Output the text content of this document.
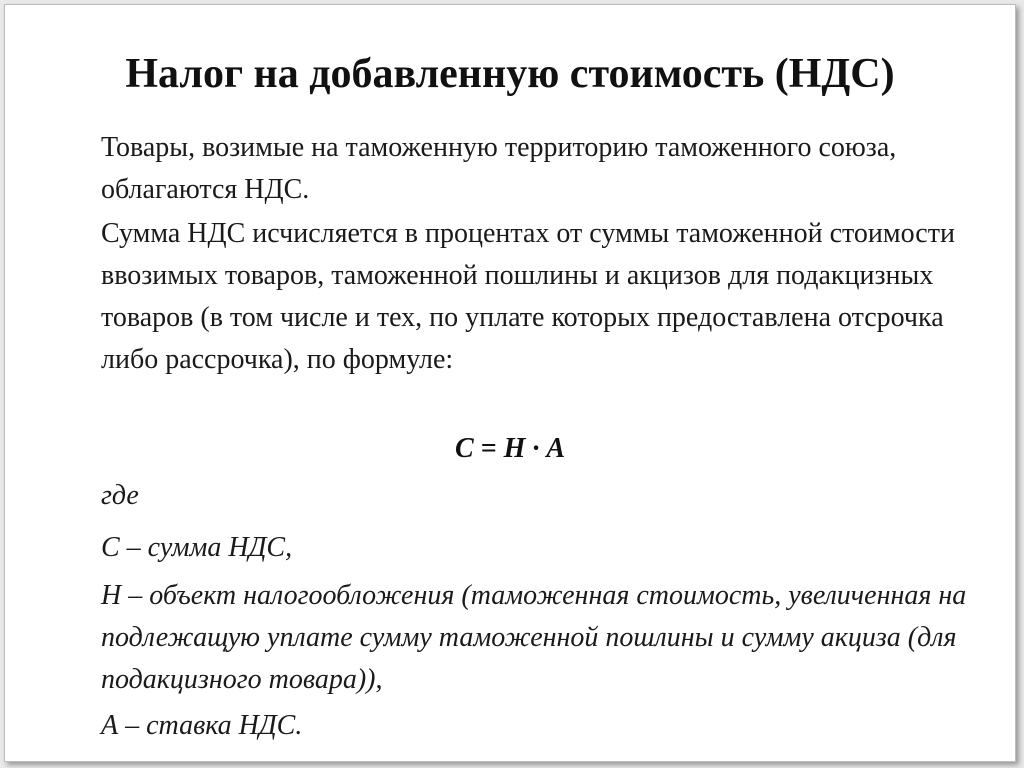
Налог на добавленную стоимость (НДС)
Товары, возимые на таможенную территорию таможенного союза, облагаются НДС.
Сумма НДС исчисляется в процентах от суммы таможенной стоимости ввозимых товаров, таможенной пошлины и акцизов для подакцизных товаров (в том числе и тех, по уплате которых предоставлена отсрочка либо рассрочка), по формуле:
С = Н · А
где
С – сумма НДС,
Н – объект налогообложения (таможенная стоимость, увеличенная на подлежащую уплате сумму таможенной пошлины и сумму акциза (для подакцизного товара)),
А – ставка НДС.
